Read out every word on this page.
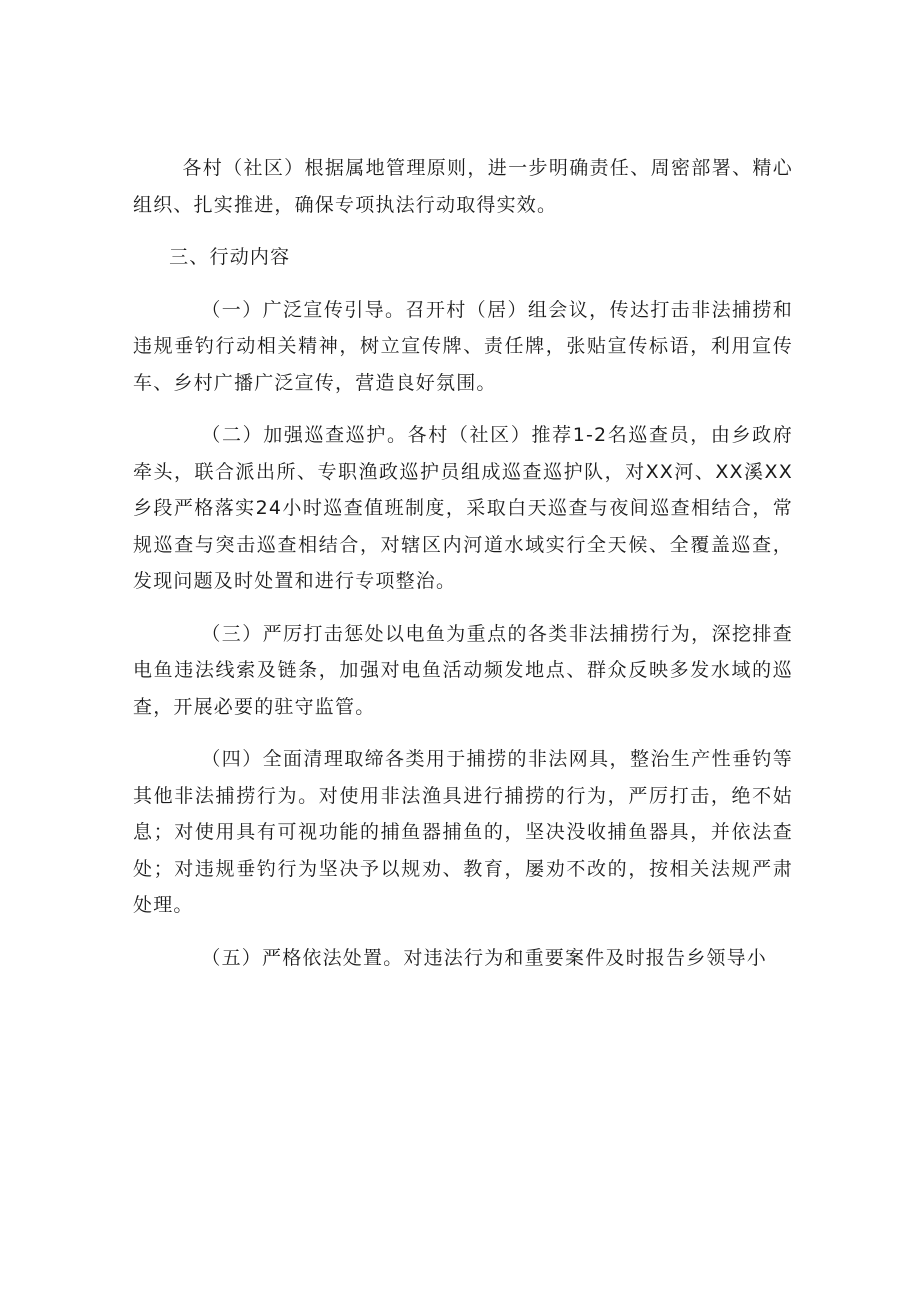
各村（社区）根据属地管理原则，进一步明确责任、周密部署、精心组织、扎实推进，确保专项执法行动取得实效。

三、行动内容

（一）广泛宣传引导。召开村（居）组会议，传达打击非法捕捞和违规垂钓行动相关精神，树立宣传牌、责任牌，张贴宣传标语，利用宣传车、乡村广播广泛宣传，营造良好氛围。

（二）加强巡查巡护。各村（社区）推荐1-2名巡查员，由乡政府牵头，联合派出所、专职渔政巡护员组成巡查巡护队，对XX河、XX溪XX乡段严格落实24小时巡查值班制度，采取白天巡查与夜间巡查相结合，常规巡查与突击巡查相结合，对辖区内河道水域实行全天候、全覆盖巡查，发现问题及时处置和进行专项整治。

（三）严厉打击惩处以电鱼为重点的各类非法捕捞行为，深挖排查电鱼违法线索及链条，加强对电鱼活动频发地点、群众反映多发水域的巡查，开展必要的驻守监管。

（四）全面清理取缔各类用于捕捞的非法网具，整治生产性垂钓等其他非法捕捞行为。对使用非法渔具进行捕捞的行为，严厉打击，绝不姑息；对使用具有可视功能的捕鱼器捕鱼的，坚决没收捕鱼器具，并依法查处；对违规垂钓行为坚决予以规劝、教育，屡劝不改的，按相关法规严肃处理。

（五）严格依法处置。对违法行为和重要案件及时报告乡领导小
